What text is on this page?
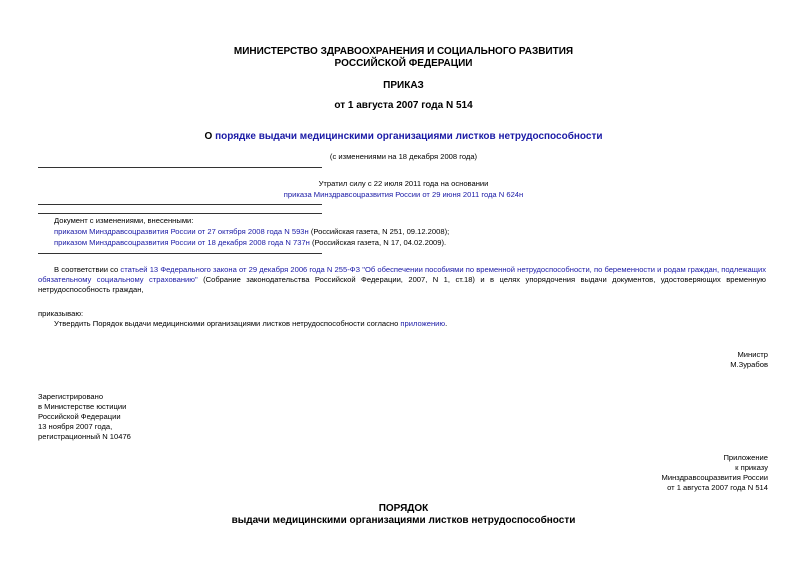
МИНИСТЕРСТВО ЗДРАВООХРАНЕНИЯ И СОЦИАЛЬНОГО РАЗВИТИЯ
РОССИЙСКОЙ ФЕДЕРАЦИИ
ПРИКАЗ
от 1 августа 2007 года N 514
О порядке выдачи медицинскими организациями листков нетрудоспособности
(с изменениями на 18 декабря 2008 года)
Утратил силу с 22 июля 2011 года на основании
приказа Минздравсоцразвития России от 29 июня 2011 года N 624н
Документ с изменениями, внесенными:
приказом Минздравсоцразвития России от 27 октября 2008 года N 593н (Российская газета, N 251, 09.12.2008);
приказом Минздравсоцразвития России от 18 декабря 2008 года N 737н (Российская газета, N 17, 04.02.2009).
В соответствии со статьей 13 Федерального закона от 29 декабря 2006 года N 255-ФЗ "Об обеспечении пособиями по временной нетрудоспособности, по беременности и родам граждан, подлежащих обязательному социальному страхованию" (Собрание законодательства Российской Федерации, 2007, N 1, ст.18) и в целях упорядочения выдачи документов, удостоверяющих временную нетрудоспособность граждан,
приказываю:
Утвердить Порядок выдачи медицинскими организациями листков нетрудоспособности согласно приложению.
Министр
М.Зурабов
Зарегистрировано
в Министерстве юстиции
Российской Федерации
13 ноября 2007 года,
регистрационный N 10476
Приложение
к приказу
Минздравсоцразвития России
от 1 августа 2007 года N 514
ПОРЯДОК
выдачи медицинскими организациями листков нетрудоспособности
